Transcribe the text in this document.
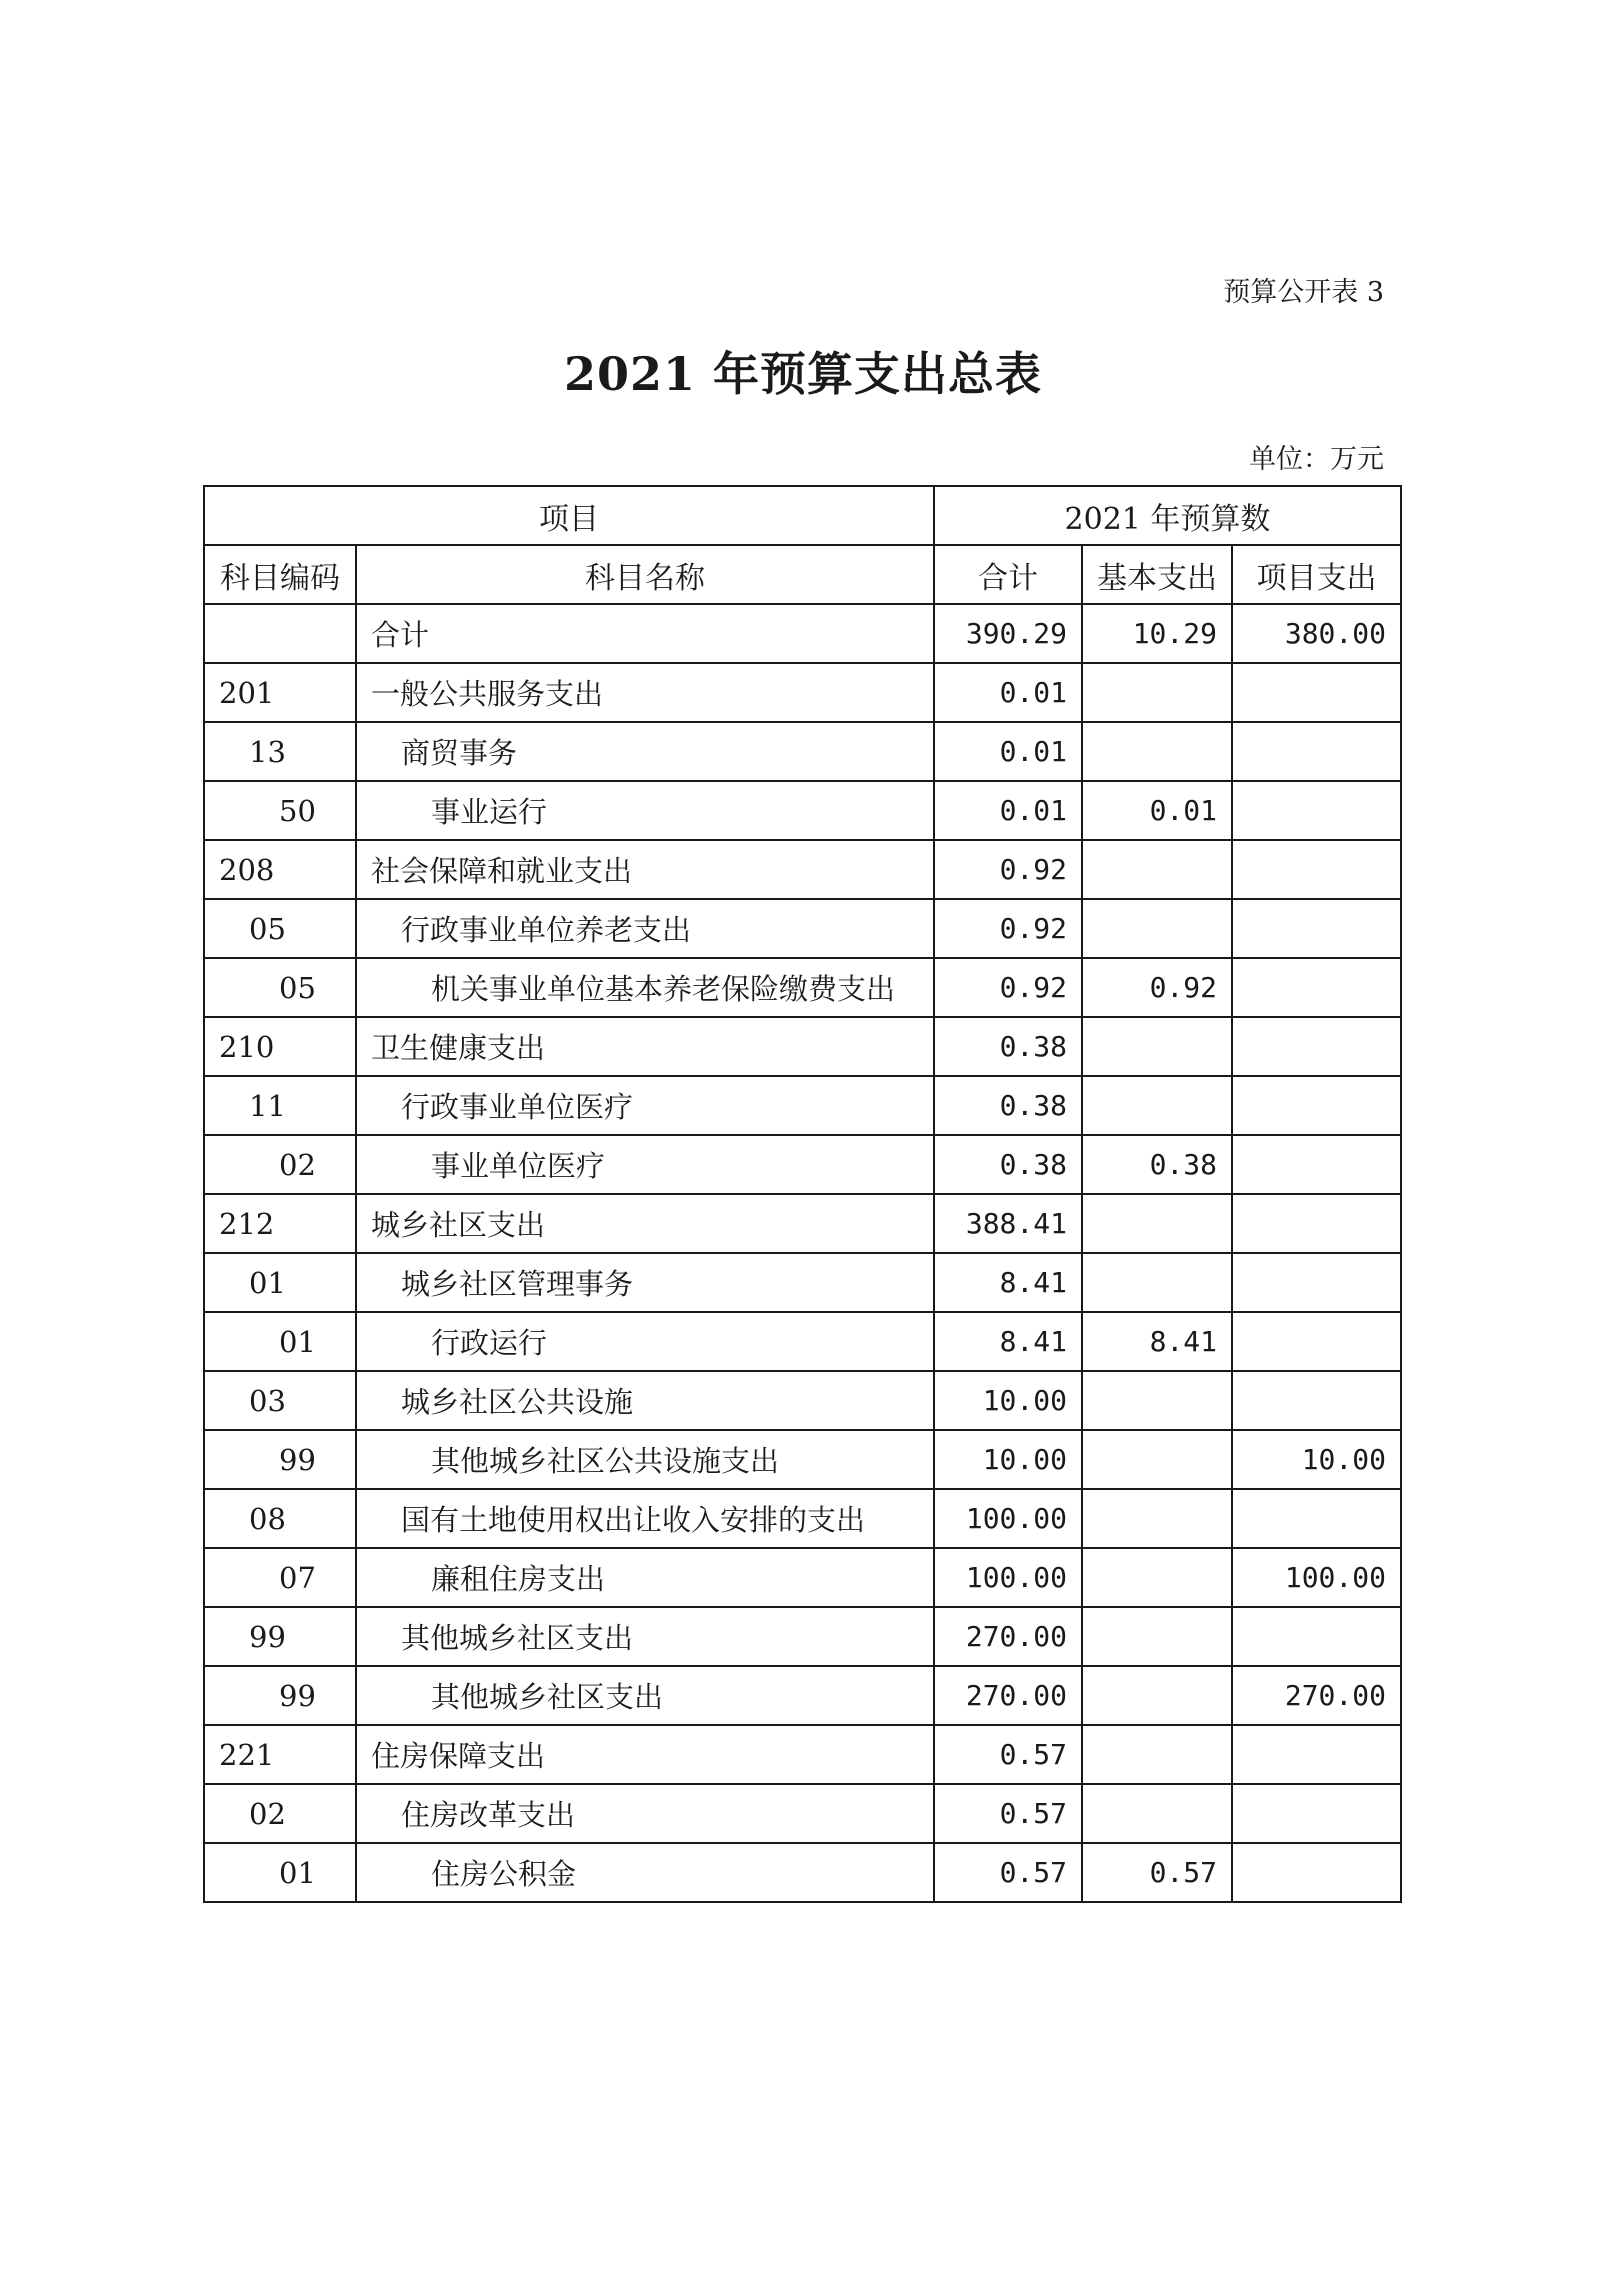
预算公开表 3
2021 年预算支出总表
单位：万元
项目		2021 年预算数		
科目编码	科目名称	合计	基本支出	项目支出
	合计	390.29	10.29	380.00
201	一般公共服务支出	0.01		
13	商贸事务	0.01		
50	事业运行	0.01	0.01	
208	社会保障和就业支出	0.92		
05	行政事业单位养老支出	0.92		
05	机关事业单位基本养老保险缴费支出	0.92	0.92	
210	卫生健康支出	0.38		
11	行政事业单位医疗	0.38		
02	事业单位医疗	0.38	0.38	
212	城乡社区支出	388.41		
01	城乡社区管理事务	8.41		
01	行政运行	8.41	8.41	
03	城乡社区公共设施	10.00		
99	其他城乡社区公共设施支出	10.00		10.00
08	国有土地使用权出让收入安排的支出	100.00		
07	廉租住房支出	100.00		100.00
99	其他城乡社区支出	270.00		
99	其他城乡社区支出	270.00		270.00
221	住房保障支出	0.57		
02	住房改革支出	0.57		
01	住房公积金	0.57	0.57	
